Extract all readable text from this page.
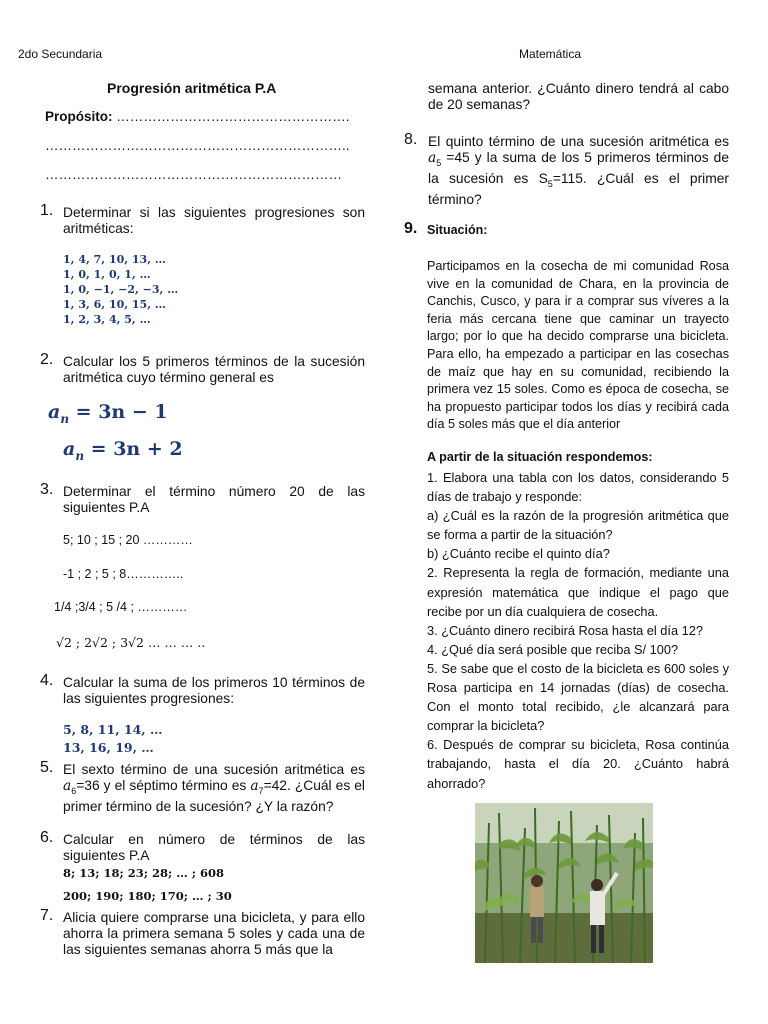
2do Secundaria	Matemática
Progresión aritmética P.A
Propósito: …………………………………………….
…………………………………………………………..
…………………………………………………………
1. Determinar si las siguientes progresiones son aritméticas:
1, 4, 7, 10, 13, …
1, 0, 1, 0, 1, …
1, 0, −1, −2, −3, …
1, 3, 6, 10, 15, …
1, 2, 3, 4, 5, …
2. Calcular los 5 primeros términos de la sucesión aritmética cuyo término general es
$a_n = 3n - 1$
$a_n = 3n + 2$
3. Determinar el término número 20 de las siguientes P.A
5; 10 ; 15 ; 20 …………
-1 ; 2 ; 5 ; 8…………..
1/4 ;3/4 ; 5 /4 ; …………
√2 ; 2√2 ; 3√2 … … … ..
4. Calcular la suma de los primeros 10 términos de las siguientes progresiones:
5, 8, 11, 14, …
13, 16, 19, …
5. El sexto término de una sucesión aritmética es $a_6=36$ y el séptimo término es $a_7=42$. ¿Cuál es el primer término de la sucesión? ¿Y la razón?
6. Calcular en número de términos de las siguientes P.A
8; 13; 18; 23; 28; … ; 608
200; 190; 180; 170; … ; 30
7. Alicia quiere comprarse una bicicleta, y para ello ahorra la primera semana 5 soles y cada una de las siguientes semanas ahorra 5 más que la
semana anterior. ¿Cuánto dinero tendrá al cabo de 20 semanas?
8. El quinto término de una sucesión aritmética es $a_5 =45$ y la suma de los 5 primeros términos de la sucesión es $S_5=115$. ¿Cuál es el primer término?
9. Situación:
Participamos en la cosecha de mi comunidad Rosa vive en la comunidad de Chara, en la provincia de Canchis, Cusco, y para ir a comprar sus víveres a la feria más cercana tiene que caminar un trayecto largo; por lo que ha decido comprarse una bicicleta. Para ello, ha empezado a participar en las cosechas de maíz que hay en su comunidad, recibiendo la primera vez 15 soles. Como es época de cosecha, se ha propuesto participar todos los días y recibirá cada día 5 soles más que el día anterior
A partir de la situación respondemos:
1. Elabora una tabla con los datos, considerando 5 días de trabajo y responde:
a) ¿Cuál es la razón de la progresión aritmética que se forma a partir de la situación?
b) ¿Cuánto recibe el quinto día?
2. Representa la regla de formación, mediante una expresión matemática que indique el pago que recibe por un día cualquiera de cosecha.
3. ¿Cuánto dinero recibirá Rosa hasta el día 12?
4. ¿Qué día será posible que reciba S/ 100?
5. Se sabe que el costo de la bicicleta es 600 soles y Rosa participa en 14 jornadas (días) de cosecha. Con el monto total recibido, ¿le alcanzará para comprar la bicicleta?
6. Después de comprar su bicicleta, Rosa continúa trabajando, hasta el día 20. ¿Cuánto habrá ahorrado?
